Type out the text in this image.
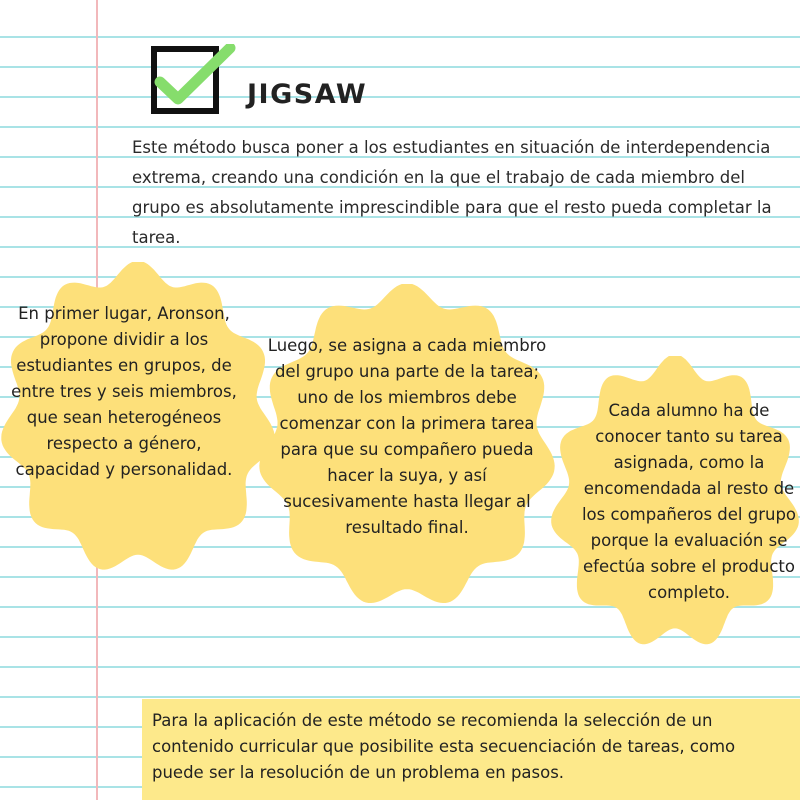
JIGSAW

Este método busca poner a los estudiantes en situación de interdependencia extrema, creando una condición en la que el trabajo de cada miembro del grupo es absolutamente imprescindible para que el resto pueda completar la tarea.

En primer lugar, Aronson, propone dividir a los estudiantes en grupos, de entre tres y seis miembros, que sean heterogéneos respecto a género, capacidad y personalidad.

Luego, se asigna a cada miembro del grupo una parte de la tarea; uno de los miembros debe comenzar con la primera tarea para que su compañero pueda hacer la suya, y así sucesivamente hasta llegar al resultado final.

Cada alumno ha de conocer tanto su tarea asignada, como la encomendada al resto de los compañeros del grupo porque la evaluación se efectúa sobre el producto completo.

Para la aplicación de este método se recomienda la selección de un contenido curricular que posibilite esta secuenciación de tareas, como puede ser la resolución de un problema en pasos.
